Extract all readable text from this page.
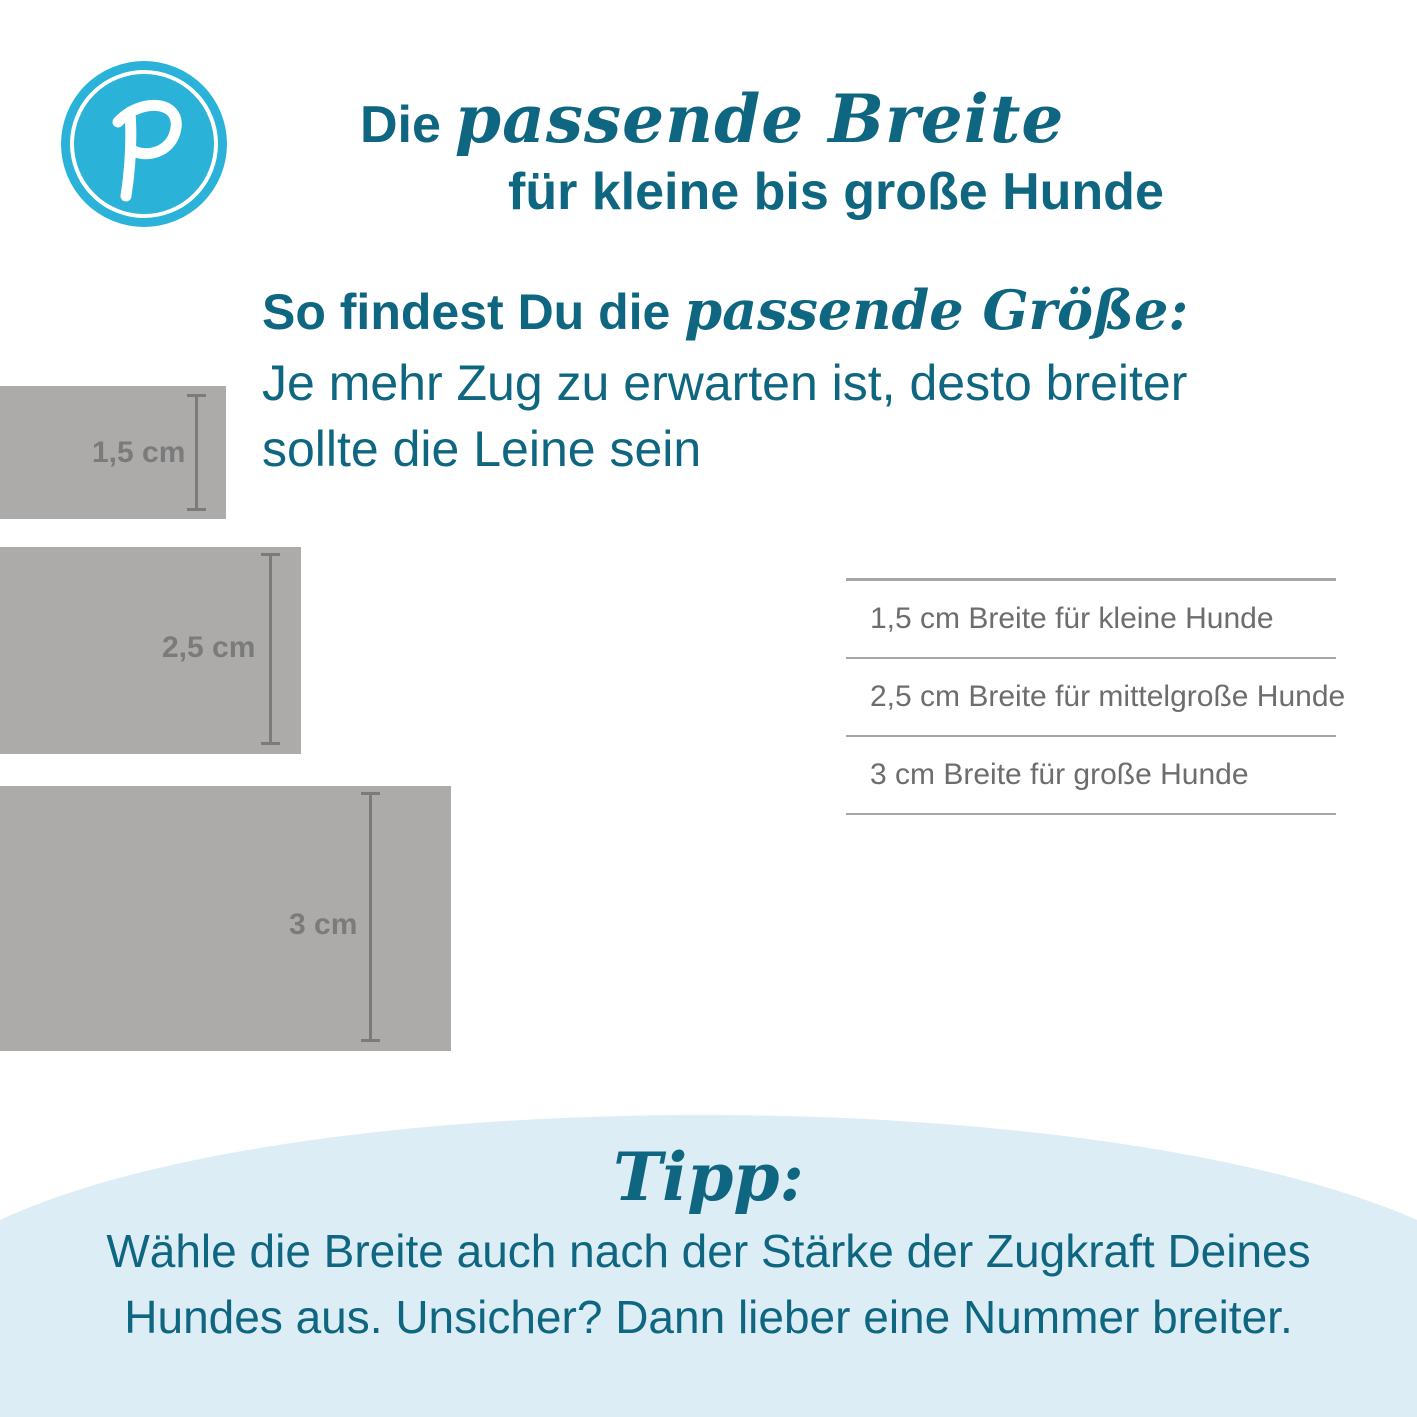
Die passende Breite
für kleine bis große Hunde
So findest Du die passende Größe:
Je mehr Zug zu erwarten ist, desto breiter sollte die Leine sein
1,5 cm
2,5 cm
3 cm
1,5 cm Breite für kleine Hunde
2,5 cm Breite für mittelgroße Hunde
3 cm Breite für große Hunde
Tipp:
Wähle die Breite auch nach der Stärke der Zugkraft Deines
Hundes aus. Unsicher? Dann lieber eine Nummer breiter.
